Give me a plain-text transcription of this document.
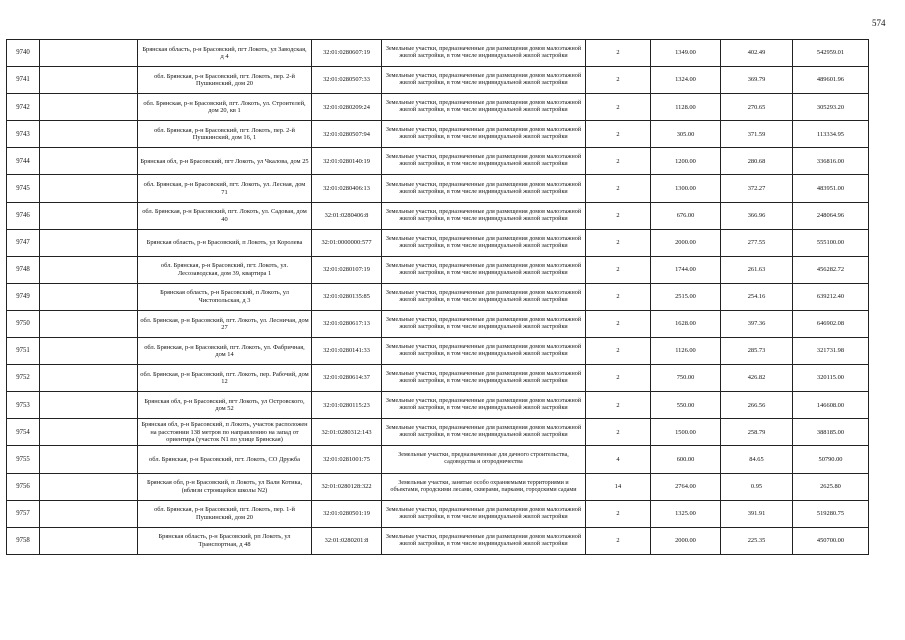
574
9740		Брянская область, р-н Брасовский, пгт Локоть, ул Заводская, д 4	32:01:0280607:19	Земельные участки, предназначенные для размещения домов малоэтажной жилой застройки, в том числе индивидуальной жилой застройки	2	1349.00	402.49	542959.01
9741		обл. Брянская, р-н Брасовский, пгт. Локоть, пер. 2-й Пушкинский, дом 20	32:01:0280507:33	Земельные участки, предназначенные для размещения домов малоэтажной жилой застройки, в том числе индивидуальной жилой застройки	2	1324.00	369.79	489601.96
9742		обл. Брянская, р-н Брасовский, пгт. Локоть, ул. Строителей, дом 20, кв 1	32:01:0280209:24	Земельные участки, предназначенные для размещения домов малоэтажной жилой застройки, в том числе индивидуальной жилой застройки	2	1128.00	270.65	305293.20
9743		обл. Брянская, р-н Брасовский, пгт. Локоть, пер. 2-й Пушкинский, дом 16, 1	32:01:0280507:94	Земельные участки, предназначенные для размещения домов малоэтажной жилой застройки, в том числе индивидуальной жилой застройки	2	305.00	371.59	113334.95
9744		Брянская обл, р-н Брасовский, пгт Локоть, ул Чкалова, дом 25	32:01:0280140:19	Земельные участки, предназначенные для размещения домов малоэтажной жилой застройки, в том числе индивидуальной жилой застройки	2	1200.00	280.68	336816.00
9745		обл. Брянская, р-н Брасовский, пгт. Локоть, ул. Лесная, дом 71	32:01:0280406:13	Земельные участки, предназначенные для размещения домов малоэтажной жилой застройки, в том числе индивидуальной жилой застройки	2	1300.00	372.27	483951.00
9746		обл. Брянская, р-н Брасовский, пгт. Локоть, ул. Садовая, дом 40	32:01:0280406:8	Земельные участки, предназначенные для размещения домов малоэтажной жилой застройки, в том числе индивидуальной жилой застройки	2	676.00	366.96	248064.96
9747		Брянская область, р-н Брасовский, п Локоть, ул Королева	32:01:0000000:577	Земельные участки, предназначенные для размещения домов малоэтажной жилой застройки, в том числе индивидуальной жилой застройки	2	2000.00	277.55	555100.00
9748		обл. Брянская, р-н Брасовский, пгт. Локоть, ул. Лесозаводская, дом 39, квартира 1	32:01:0280107:19	Земельные участки, предназначенные для размещения домов малоэтажной жилой застройки, в том числе индивидуальной жилой застройки	2	1744.00	261.63	456282.72
9749		Брянская область, р-н Брасовский, п Локоть, ул Чистопольская, д 3	32:01:0280135:85	Земельные участки, предназначенные для размещения домов малоэтажной жилой застройки, в том числе индивидуальной жилой застройки	2	2515.00	254.16	639212.40
9750		обл. Брянская, р-н Брасовский, пгт. Локоть, ул. Лесничая, дом 27	32:01:0280617:13	Земельные участки, предназначенные для размещения домов малоэтажной жилой застройки, в том числе индивидуальной жилой застройки	2	1628.00	397.36	646902.08
9751		обл. Брянская, р-н Брасовский, пгт. Локоть, ул. Фабричная, дом 14	32:01:0280141:33	Земельные участки, предназначенные для размещения домов малоэтажной жилой застройки, в том числе индивидуальной жилой застройки	2	1126.00	285.73	321731.98
9752		обл. Брянская, р-н Брасовский, пгт. Локоть, пер. Рабочий, дом 12	32:01:0280614:37	Земельные участки, предназначенные для размещения домов малоэтажной жилой застройки, в том числе индивидуальной жилой застройки	2	750.00	426.82	320115.00
9753		Брянская обл, р-н Брасовский, пгт Локоть, ул Островского, дом 52	32:01:0280115:23	Земельные участки, предназначенные для размещения домов малоэтажной жилой застройки, в том числе индивидуальной жилой застройки	2	550.00	266.56	146608.00
9754		Брянская обл, р-н Брасовский, п Локоть, участок расположен на расстоянии 138 метров по направлению на запад от ориентира (участок N1 по улице Брянская)	32:01:0280312:143	Земельные участки, предназначенные для размещения домов малоэтажной жилой застройки, в том числе индивидуальной жилой застройки	2	1500.00	258.79	388185.00
9755		обл. Брянская, р-н Брасовский, пгт. Локоть, СО Дружба	32:01:0281001:75	Земельные участки, предназначенные для дачного строительства, садоводства и огородничества	4	600.00	84.65	50790.00
9756		Брянская обл, р-н Брасовский, п Локоть, ул Вали Котика, (вблизи строящейся школы N2)	32:01:0280128:322	Земельные участки, занятые особо охраняемыми территориями и объектами, городскими лесами, скверами, парками, городскими садами	14	2764.00	0.95	2625.80
9757		обл. Брянская, р-н Брасовский, пгт. Локоть, пер. 1-й Пушкинский, дом 20	32:01:0280501:19	Земельные участки, предназначенные для размещения домов малоэтажной жилой застройки, в том числе индивидуальной жилой застройки	2	1325.00	391.91	519280.75
9758		Брянская область, р-н Брасовский, рп Локоть, ул Транспортная, д 48	32:01:0280201:8	Земельные участки, предназначенные для размещения домов малоэтажной жилой застройки, в том числе индивидуальной жилой застройки	2	2000.00	225.35	450700.00
